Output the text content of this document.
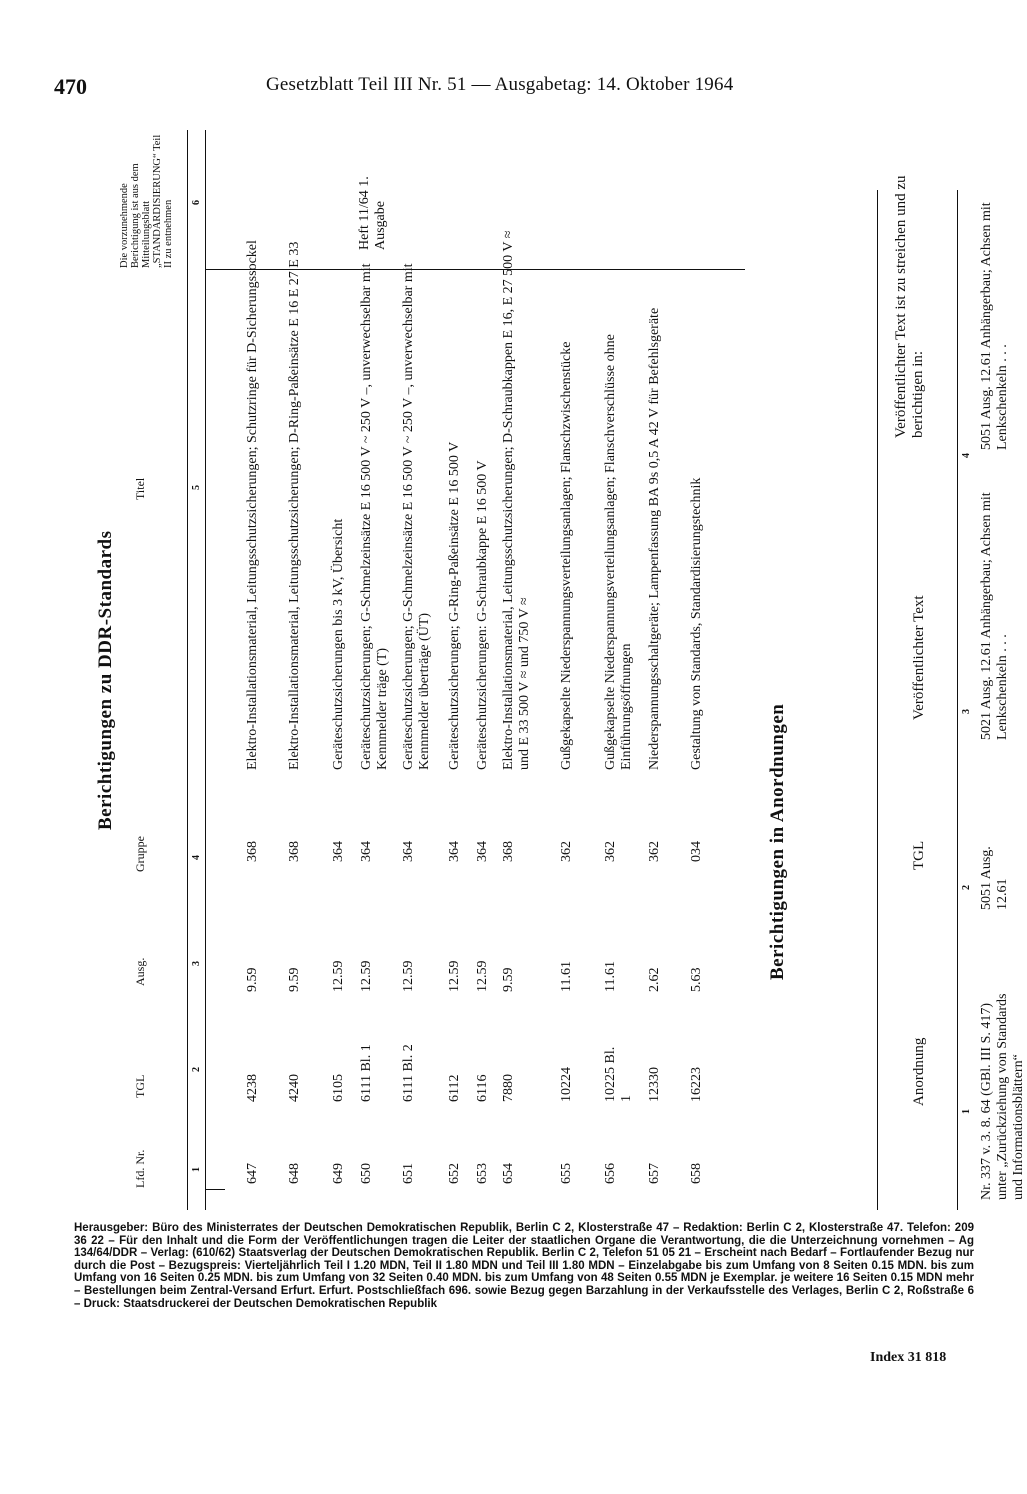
470	Gesetzblatt Teil III Nr. 51 — Ausgabetag: 14. Oktober 1964
Berichtigungen zu DDR-Standards
Lfd. Nr.
TGL
Ausg.
Gruppe
Titel
Die vorzunehmende Berichtigung ist aus dem Mitteilungsblatt „STANDARDISIERUNG“ Teil II zu entnehmen
1
2
3
4
5
6
647
4238
9.59
368
Elektro-Installationsmaterial, Leitungsschutzsicherungen; Schutzringe für D-Sicherungssockel
648
4240
9.59
368
Elektro-Installationsmaterial, Leitungsschutzsicherungen; D-Ring-Paßeinsätze E 16 E 27 E 33
649
6105
12.59
364
Geräteschutzsicherungen bis 3 kV, Übersicht
650
6111 Bl. 1
12.59
364
Geräteschutzsicherungen; G-Schmelzeinsätze E 16 500 V ~ 250 V –, unverwechselbar mit Kennmelder träge (T)
651
6111 Bl. 2
12.59
364
Geräteschutzsicherungen; G-Schmelzeinsätze E 16 500 V ~ 250 V –, unverwechselbar mit Kennmelder überträge (ÜT)
652
6112
12.59
364
Geräteschutzsicherungen; G-Ring-Paßeinsätze E 16 500 V
653
6116
12.59
364
Geräteschutzsicherungen: G-Schraubkappe E 16 500 V
654
7880
9.59
368
Elektro-Installationsmaterial, Leitungsschutzsicherungen; D-Schraubkappen E 16, E 27 500 V ≈ und E 33 500 V ≈ und 750 V ≈
655
10224
11.61
362
Gußgekapselte Niederspannungsverteilungsanlagen; Flanschzwischenstücke
656
10225 Bl. 1
11.61
362
Gußgekapselte Niederspannungsverteilungsanlagen; Flanschverschlüsse ohne Einführungsöffnungen
657
12330
2.62
362
Niederspannungsschaltgeräte; Lampenfassung BA 9s 0,5 A 42 V für Befehlsgeräte
658
16223
5.63
034
Gestaltung von Standards, Standardisierungstechnik
Heft 11/64 1. Ausgabe
Berichtigungen in Anordnungen
Anordnung
TGL
Veröffentlichter Text
Veröffentlichter Text ist zu streichen und zu berichtigen in:
1
2
3
4
Nr. 337 v. 3. 8. 64 (GBl. III S. 417) unter „Zurückziehung von Standards und Informationsblättern“
5051 Ausg. 12.61
5021 Ausg. 12.61 Anhängerbau; Achsen mit Lenkschenkeln . . .
5051 Ausg. 12.61 Anhängerbau; Achsen mit Lenkschenkeln . . .
Herausgeber: Büro des Ministerrates der Deutschen Demokratischen Republik, Berlin C 2, Klosterstraße 47 – Redaktion: Berlin C 2, Klosterstraße 47. Telefon: 209 36 22 – Für den Inhalt und die Form der Veröffentlichungen tragen die Leiter der staatlichen Organe die Verantwortung, die die Unterzeichnung vornehmen – Ag 134/64/DDR – Verlag: (610/62) Staatsverlag der Deutschen Demokratischen Republik. Berlin C 2, Telefon 51 05 21 – Erscheint nach Bedarf – Fortlaufender Bezug nur durch die Post – Bezugspreis: Vierteljährlich Teil I 1.20 MDN, Teil II 1.80 MDN und Teil III 1.80 MDN – Einzelabgabe bis zum Umfang von 8 Seiten 0.15 MDN. bis zum Umfang von 16 Seiten 0.25 MDN. bis zum Umfang von 32 Seiten 0.40 MDN. bis zum Umfang von 48 Seiten 0.55 MDN je Exemplar. je weitere 16 Seiten 0.15 MDN mehr – Bestellungen beim Zentral-Versand Erfurt. Erfurt. Postschließfach 696. sowie Bezug gegen Barzahlung in der Verkaufsstelle des Verlages, Berlin C 2, Roßstraße 6 – Druck: Staatsdruckerei der Deutschen Demokratischen Republik
Index 31 818
